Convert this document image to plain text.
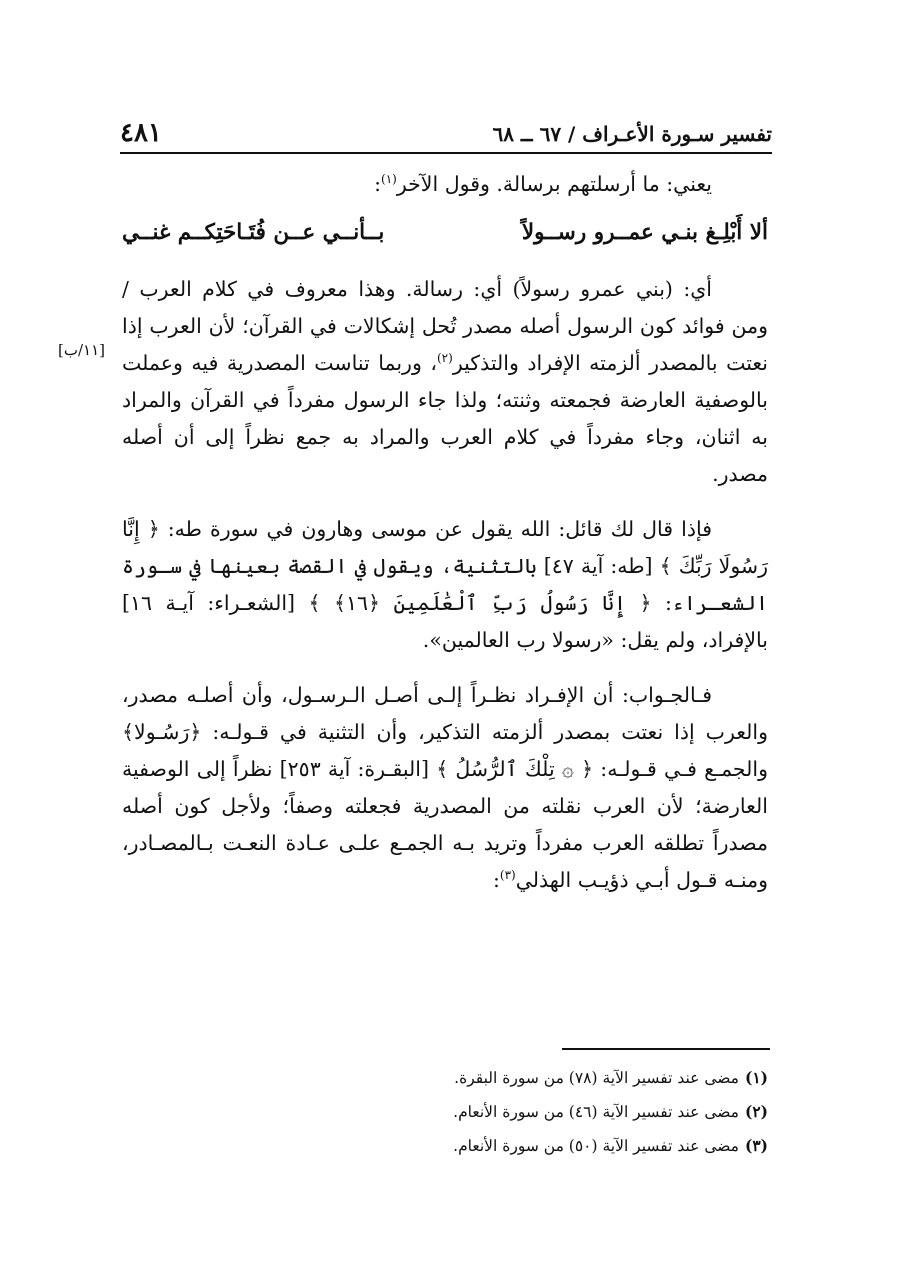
تفسير سـورة الأعـراف / ٦٧ ــ ٦٨
٤٨١
[١١/ب]

يعني: ما أرسلتهم برسالة. وقول الآخر$^{(١)}$:

ألا أَبْلِـغ بنـي عمــرو رســولاً
بــأنــي عــن فُتَـاحَتِكــم غنــي

أي: (بني عمرو رسولاً) أي: رسالة. وهذا معروف في كلام العرب / ومن فوائد كون الرسول أصله مصدر تُحل إشكالات في القرآن؛ لأن العرب إذا نعتت بالمصدر ألزمته الإفراد والتذكير$^{(٢)}$، وربما تناست المصدرية فيه وعملت بالوصفية العارضة فجمعته وثنته؛ ولذا جاء الرسول مفرداً في القرآن والمراد به اثنان، وجاء مفرداً في كلام العرب والمراد به جمع نظراً إلى أن أصله مصدر.

فإذا قال لك قائل: الله يقول عن موسى وهارون في سورة طه: ﴿ إِنَّا رَسُولَا رَبِّكَ ﴾ [طه: آية ٤٧] بالتثنية، ويقول في القصة بعينها في سـورة الشعـراء: ﴿ إِنَّا رَسُولُ رَبِّ ٱلْعَٰلَمِينَ ﴿١٦﴾ ﴾ [الشعـراء: آيـة ١٦] بالإفراد، ولم يقل: «رسولا رب العالمين».

فـالجـواب: أن الإفـراد نظـراً إلـى أصـل الـرسـول، وأن أصلـه مصدر، والعرب إذا نعتت بمصدر ألزمته التذكير، وأن التثنية في قـولـه: ﴿رَسُـولا﴾ والجمـع فـي قـولـه: ﴿ ۞ تِلْكَ ٱلرُّسُلُ ﴾ [البقـرة: آية ٢٥٣] نظراً إلى الوصفية العارضة؛ لأن العرب نقلته من المصدرية فجعلته وصفاً؛ ولأجل كون أصله مصدراً تطلقه العرب مفرداً وتريد بـه الجمـع علـى عـادة النعـت بـالمصـادر، ومنـه قـول أبـي ذؤيـب الهذلي$^{(٣)}$:

(١)مضى عند تفسير الآية (٧٨) من سورة البقرة.

(٢)مضى عند تفسير الآية (٤٦) من سورة الأنعام.

(٣)مضى عند تفسير الآية (٥٠) من سورة الأنعام.
